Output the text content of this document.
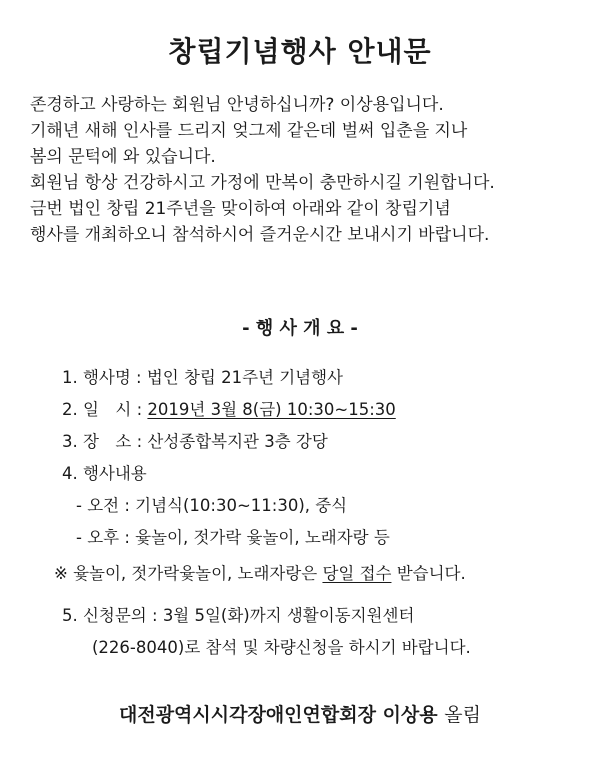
창립기념행사 안내문
존경하고 사랑하는 회원님 안녕하십니까? 이상용입니다.
기해년 새해 인사를 드리지 엊그제 같은데 벌써 입춘을 지나
봄의 문턱에 와 있습니다.
회원님 항상 건강하시고 가정에 만복이 충만하시길 기원합니다.
금번 법인 창립 21주년을 맞이하여 아래와 같이 창립기념
행사를 개최하오니 참석하시어 즐거운시간 보내시기 바랍니다.
- 행 사 개 요 -
1. 행사명 : 법인 창립 21주년 기념행사
2. 일　시 : 2019년 3월 8(금) 10:30~15:30
3. 장　소 : 산성종합복지관 3층 강당
4. 행사내용
- 오전 : 기념식(10:30~11:30), 중식
- 오후 : 윷놀이, 젓가락 윷놀이, 노래자랑 등
※ 윷놀이, 젓가락윷놀이, 노래자랑은 당일 접수 받습니다.
5. 신청문의 : 3월 5일(화)까지 생활이동지원센터
(226-8040)로 참석 및 차량신청을 하시기 바랍니다.
대전광역시시각장애인연합회장 이상용 올림
